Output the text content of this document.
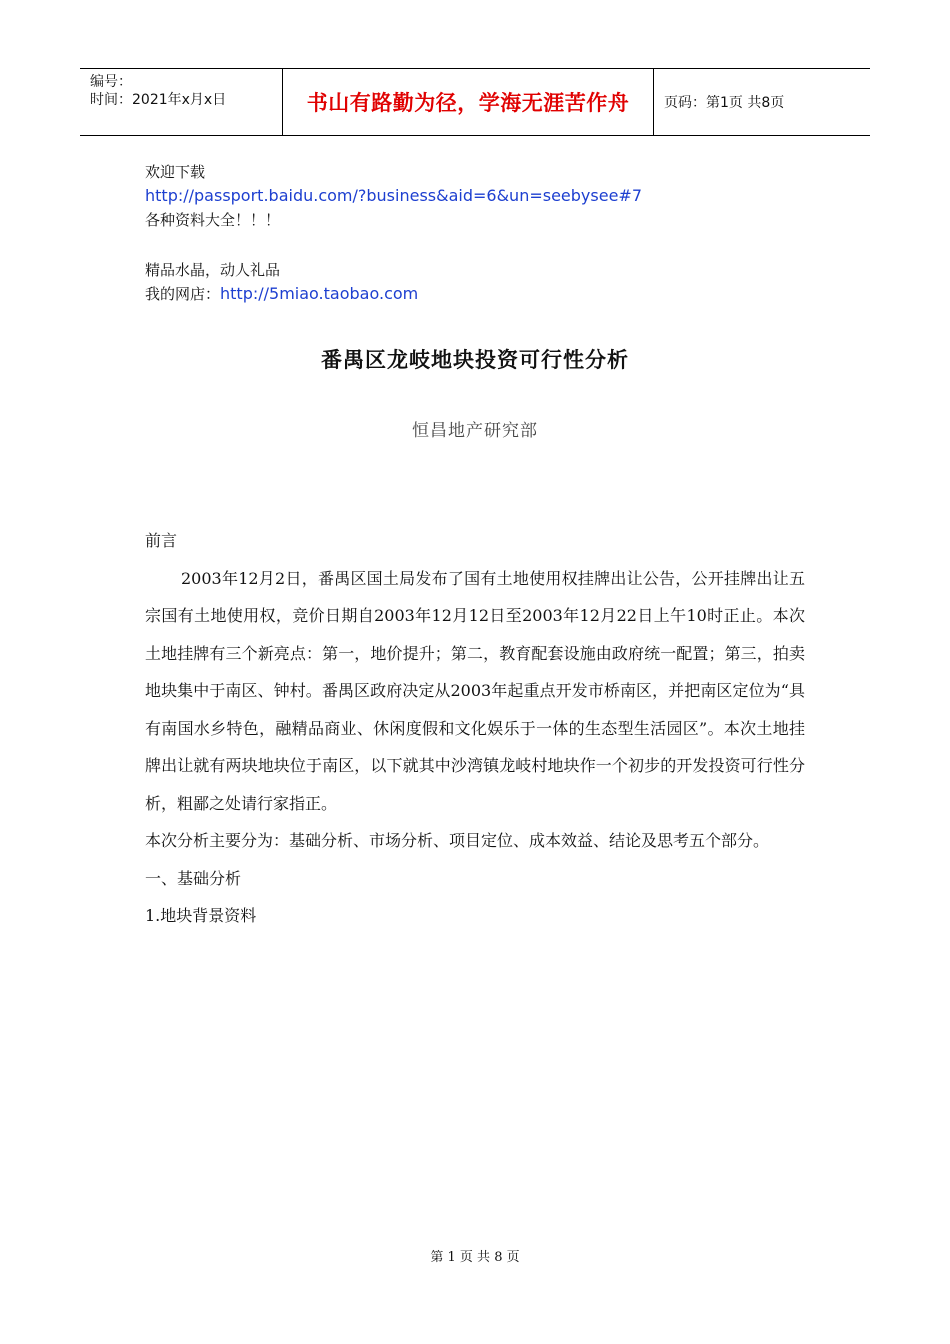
编号：
时间：2021年x月x日	书山有路勤为径，学海无涯苦作舟 页码：第1页 共8页
欢迎下载
http://passport.baidu.com/?business&aid=6&un=seebysee#7
各种资料大全！！！
精品水晶，动人礼品
我的网店：http://5miao.taobao.com
番禺区龙岐地块投资可行性分析
恒昌地产研究部

前言

2003年12月2日，番禺区国土局发布了国有土地使用权挂牌出让公告，公开挂牌出让五宗国有土地使用权，竞价日期自2003年12月12日至2003年12月22日上午10时正止。本次土地挂牌有三个新亮点：第一，地价提升；第二，教育配套设施由政府统一配置；第三，拍卖地块集中于南区、钟村。番禺区政府决定从2003年起重点开发市桥南区，并把南区定位为“具有南国水乡特色，融精品商业、休闲度假和文化娱乐于一体的生态型生活园区”。本次土地挂牌出让就有两块地块位于南区，以下就其中沙湾镇龙岐村地块作一个初步的开发投资可行性分析，粗鄙之处请行家指正。

本次分析主要分为：基础分析、市场分析、项目定位、成本效益、结论及思考五个部分。

一、基础分析

1.地块背景资料

第 1 页 共 8 页
